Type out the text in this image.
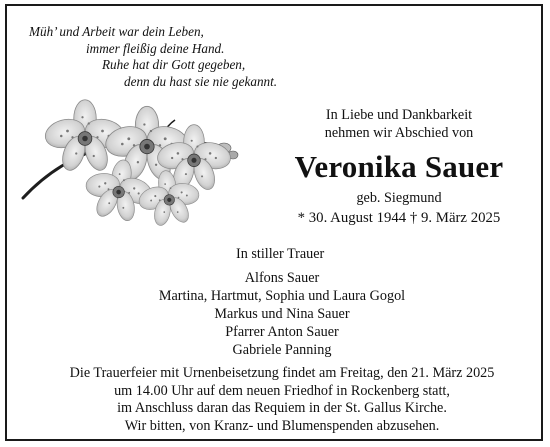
Müh’ und Arbeit war dein Leben,
immer fleißig deine Hand.
Ruhe hat dir Gott gegeben,
denn du hast sie nie gekannt.
In Liebe und Dankbarkeit
nehmen wir Abschied von
Veronika Sauer
geb. Siegmund
* 30. August 1944 † 9. März 2025
In stiller Trauer
Alfons Sauer
Martina, Hartmut, Sophia und Laura Gogol
Markus und Nina Sauer
Pfarrer Anton Sauer
Gabriele Panning
Die Trauerfeier mit Urnenbeisetzung findet am Freitag, den 21. März 2025
um 14.00 Uhr auf dem neuen Friedhof in Rockenberg statt,
im Anschluss daran das Requiem in der St. Gallus Kirche.
Wir bitten, von Kranz- und Blumenspenden abzusehen.
